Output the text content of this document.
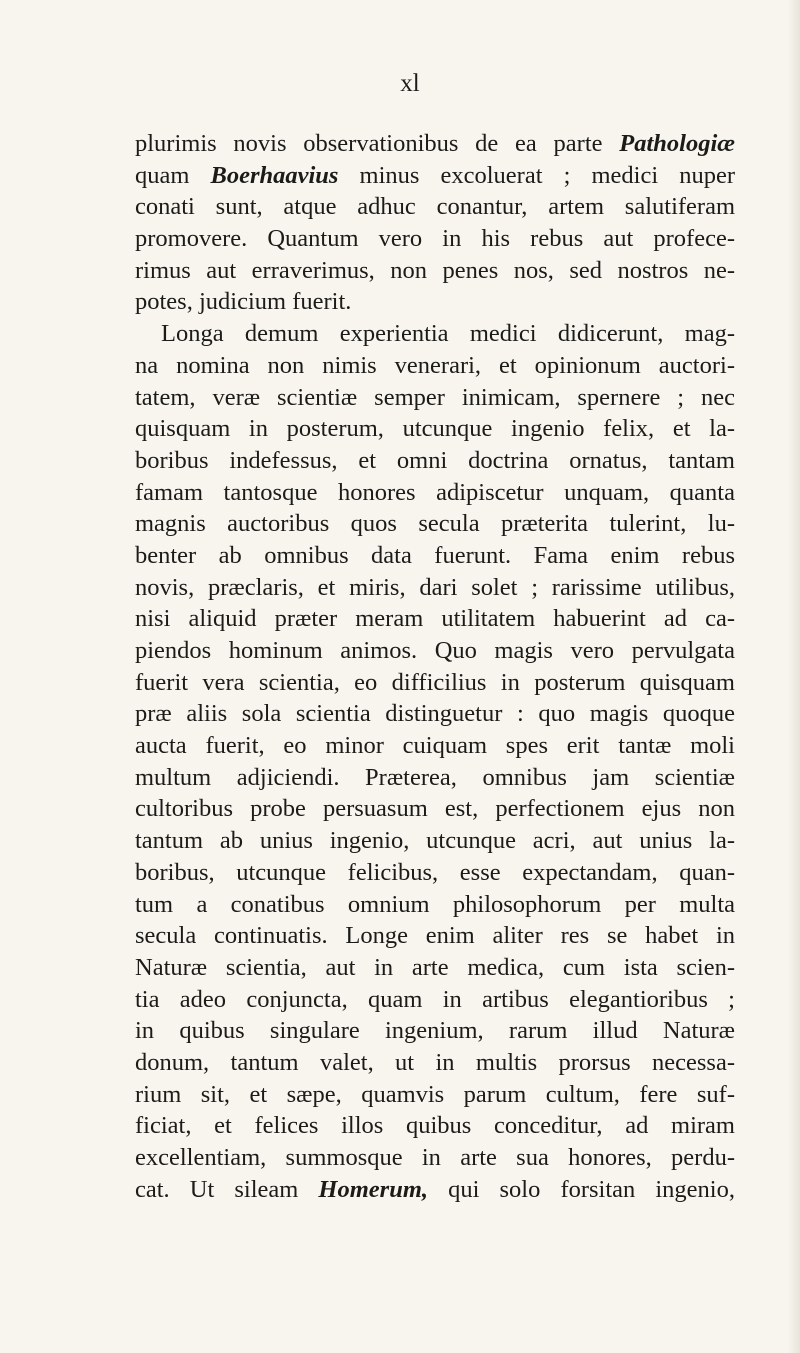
xl
plurimis novis observationibus de ea parte Pathologiæ
quam Boerhaavius minus excoluerat ; medici nuper
conati sunt, atque adhuc conantur, artem salutiferam
promovere. Quantum vero in his rebus aut profece-
rimus aut erraverimus, non penes nos, sed nostros ne-
potes, judicium fuerit.
Longa demum experientia medici didicerunt, mag-
na nomina non nimis venerari, et opinionum auctori-
tatem, veræ scientiæ semper inimicam, spernere ; nec
quisquam in posterum, utcunque ingenio felix, et la-
boribus indefessus, et omni doctrina ornatus, tantam
famam tantosque honores adipiscetur unquam, quanta
magnis auctoribus quos secula præterita tulerint, lu-
benter ab omnibus data fuerunt. Fama enim rebus
novis, præclaris, et miris, dari solet ; rarissime utilibus,
nisi aliquid præter meram utilitatem habuerint ad ca-
piendos hominum animos. Quo magis vero pervulgata
fuerit vera scientia, eo difficilius in posterum quisquam
præ aliis sola scientia distinguetur : quo magis quoque
aucta fuerit, eo minor cuiquam spes erit tantæ moli
multum adjiciendi. Præterea, omnibus jam scientiæ
cultoribus probe persuasum est, perfectionem ejus non
tantum ab unius ingenio, utcunque acri, aut unius la-
boribus, utcunque felicibus, esse expectandam, quan-
tum a conatibus omnium philosophorum per multa
secula continuatis. Longe enim aliter res se habet in
Naturæ scientia, aut in arte medica, cum ista scien-
tia adeo conjuncta, quam in artibus elegantioribus ;
in quibus singulare ingenium, rarum illud Naturæ
donum, tantum valet, ut in multis prorsus necessa-
rium sit, et sæpe, quamvis parum cultum, fere suf-
ficiat, et felices illos quibus conceditur, ad miram
excellentiam, summosque in arte sua honores, perdu-
cat. Ut sileam Homerum, qui solo forsitan ingenio,
